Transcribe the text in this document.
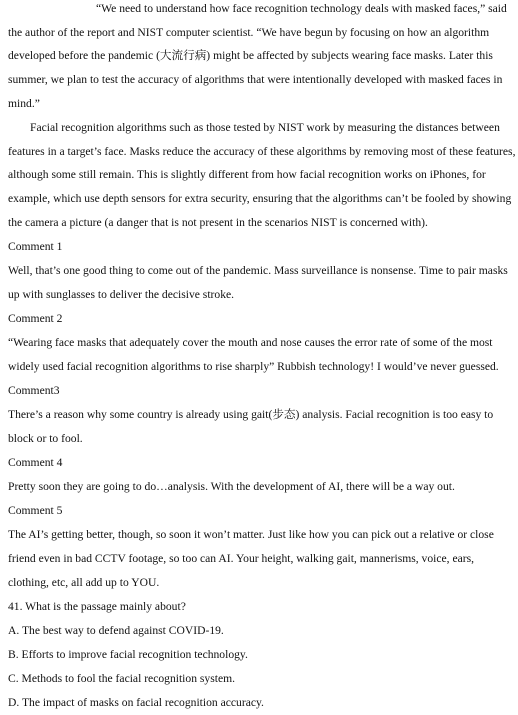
“We need to understand how face recognition technology deals with masked faces,” said
the author of the report and NIST computer scientist. “We have begun by focusing on how an algorithm
developed before the pandemic (大流行病) might be affected by subjects wearing face masks. Later this
summer, we plan to test the accuracy of algorithms that were intentionally developed with masked faces in
mind.”
Facial recognition algorithms such as those tested by NIST work by measuring the distances between
features in a target’s face. Masks reduce the accuracy of these algorithms by removing most of these features,
although some still remain. This is slightly different from how facial recognition works on iPhones, for
example, which use depth sensors for extra security, ensuring that the algorithms can’t be fooled by showing
the camera a picture (a danger that is not present in the scenarios NIST is concerned with).
Comment 1
Well, that’s one good thing to come out of the pandemic. Mass surveillance is nonsense. Time to pair masks
up with sunglasses to deliver the decisive stroke.
Comment 2
“Wearing face masks that adequately cover the mouth and nose causes the error rate of some of the most
widely used facial recognition algorithms to rise sharply” Rubbish technology! I would’ve never guessed.
Comment3
There’s a reason why some country is already using gait(步态) analysis. Facial recognition is too easy to
block or to fool.
Comment 4
Pretty soon they are going to do…analysis. With the development of AI, there will be a way out.
Comment 5
The AI’s getting better, though, so soon it won’t matter. Just like how you can pick out a relative or close
friend even in bad CCTV footage, so too can AI. Your height, walking gait, mannerisms, voice, ears,
clothing, etc, all add up to YOU.
41. What is the passage mainly about?
A. The best way to defend against COVID-19.
B. Efforts to improve facial recognition technology.
C. Methods to fool the facial recognition system.
D. The impact of masks on facial recognition accuracy.
